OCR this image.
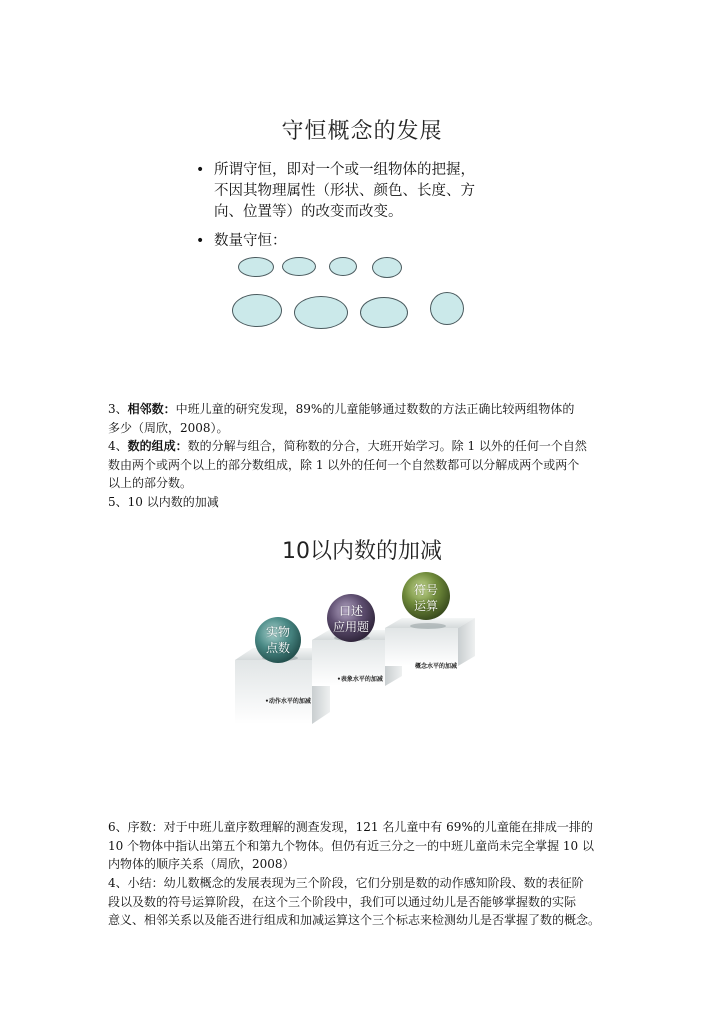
守恒概念的发展
• 所谓守恒，即对一个或一组物体的把握，
不因其物理属性（形状、颜色、长度、方
向、位置等）的改变而改变。
• 数量守恒：
3、相邻数：中班儿童的研究发现，89%的儿童能够通过数数的方法正确比较两组物体的
多少（周欣，2008）。
4、数的组成：数的分解与组合，简称数的分合，大班开始学习。除 1 以外的任何一个自然
数由两个或两个以上的部分数组成，除 1 以外的任何一个自然数都可以分解成两个或两个
以上的部分数。
5、10 以内数的加减
10以内数的加减
实物
点数
口述
应用题
符号
运算
•动作水平的加减
•表象水平的加减
概念水平的加减
6、序数：对于中班儿童序数理解的测查发现，121 名儿童中有 69%的儿童能在排成一排的
10 个物体中指认出第五个和第九个物体。但仍有近三分之一的中班儿童尚未完全掌握 10 以
内物体的顺序关系（周欣，2008）
4、小结：幼儿数概念的发展表现为三个阶段，它们分别是数的动作感知阶段、数的表征阶
段以及数的符号运算阶段，在这个三个阶段中，我们可以通过幼儿是否能够掌握数的实际
意义、相邻关系以及能否进行组成和加减运算这个三个标志来检测幼儿是否掌握了数的概念。
